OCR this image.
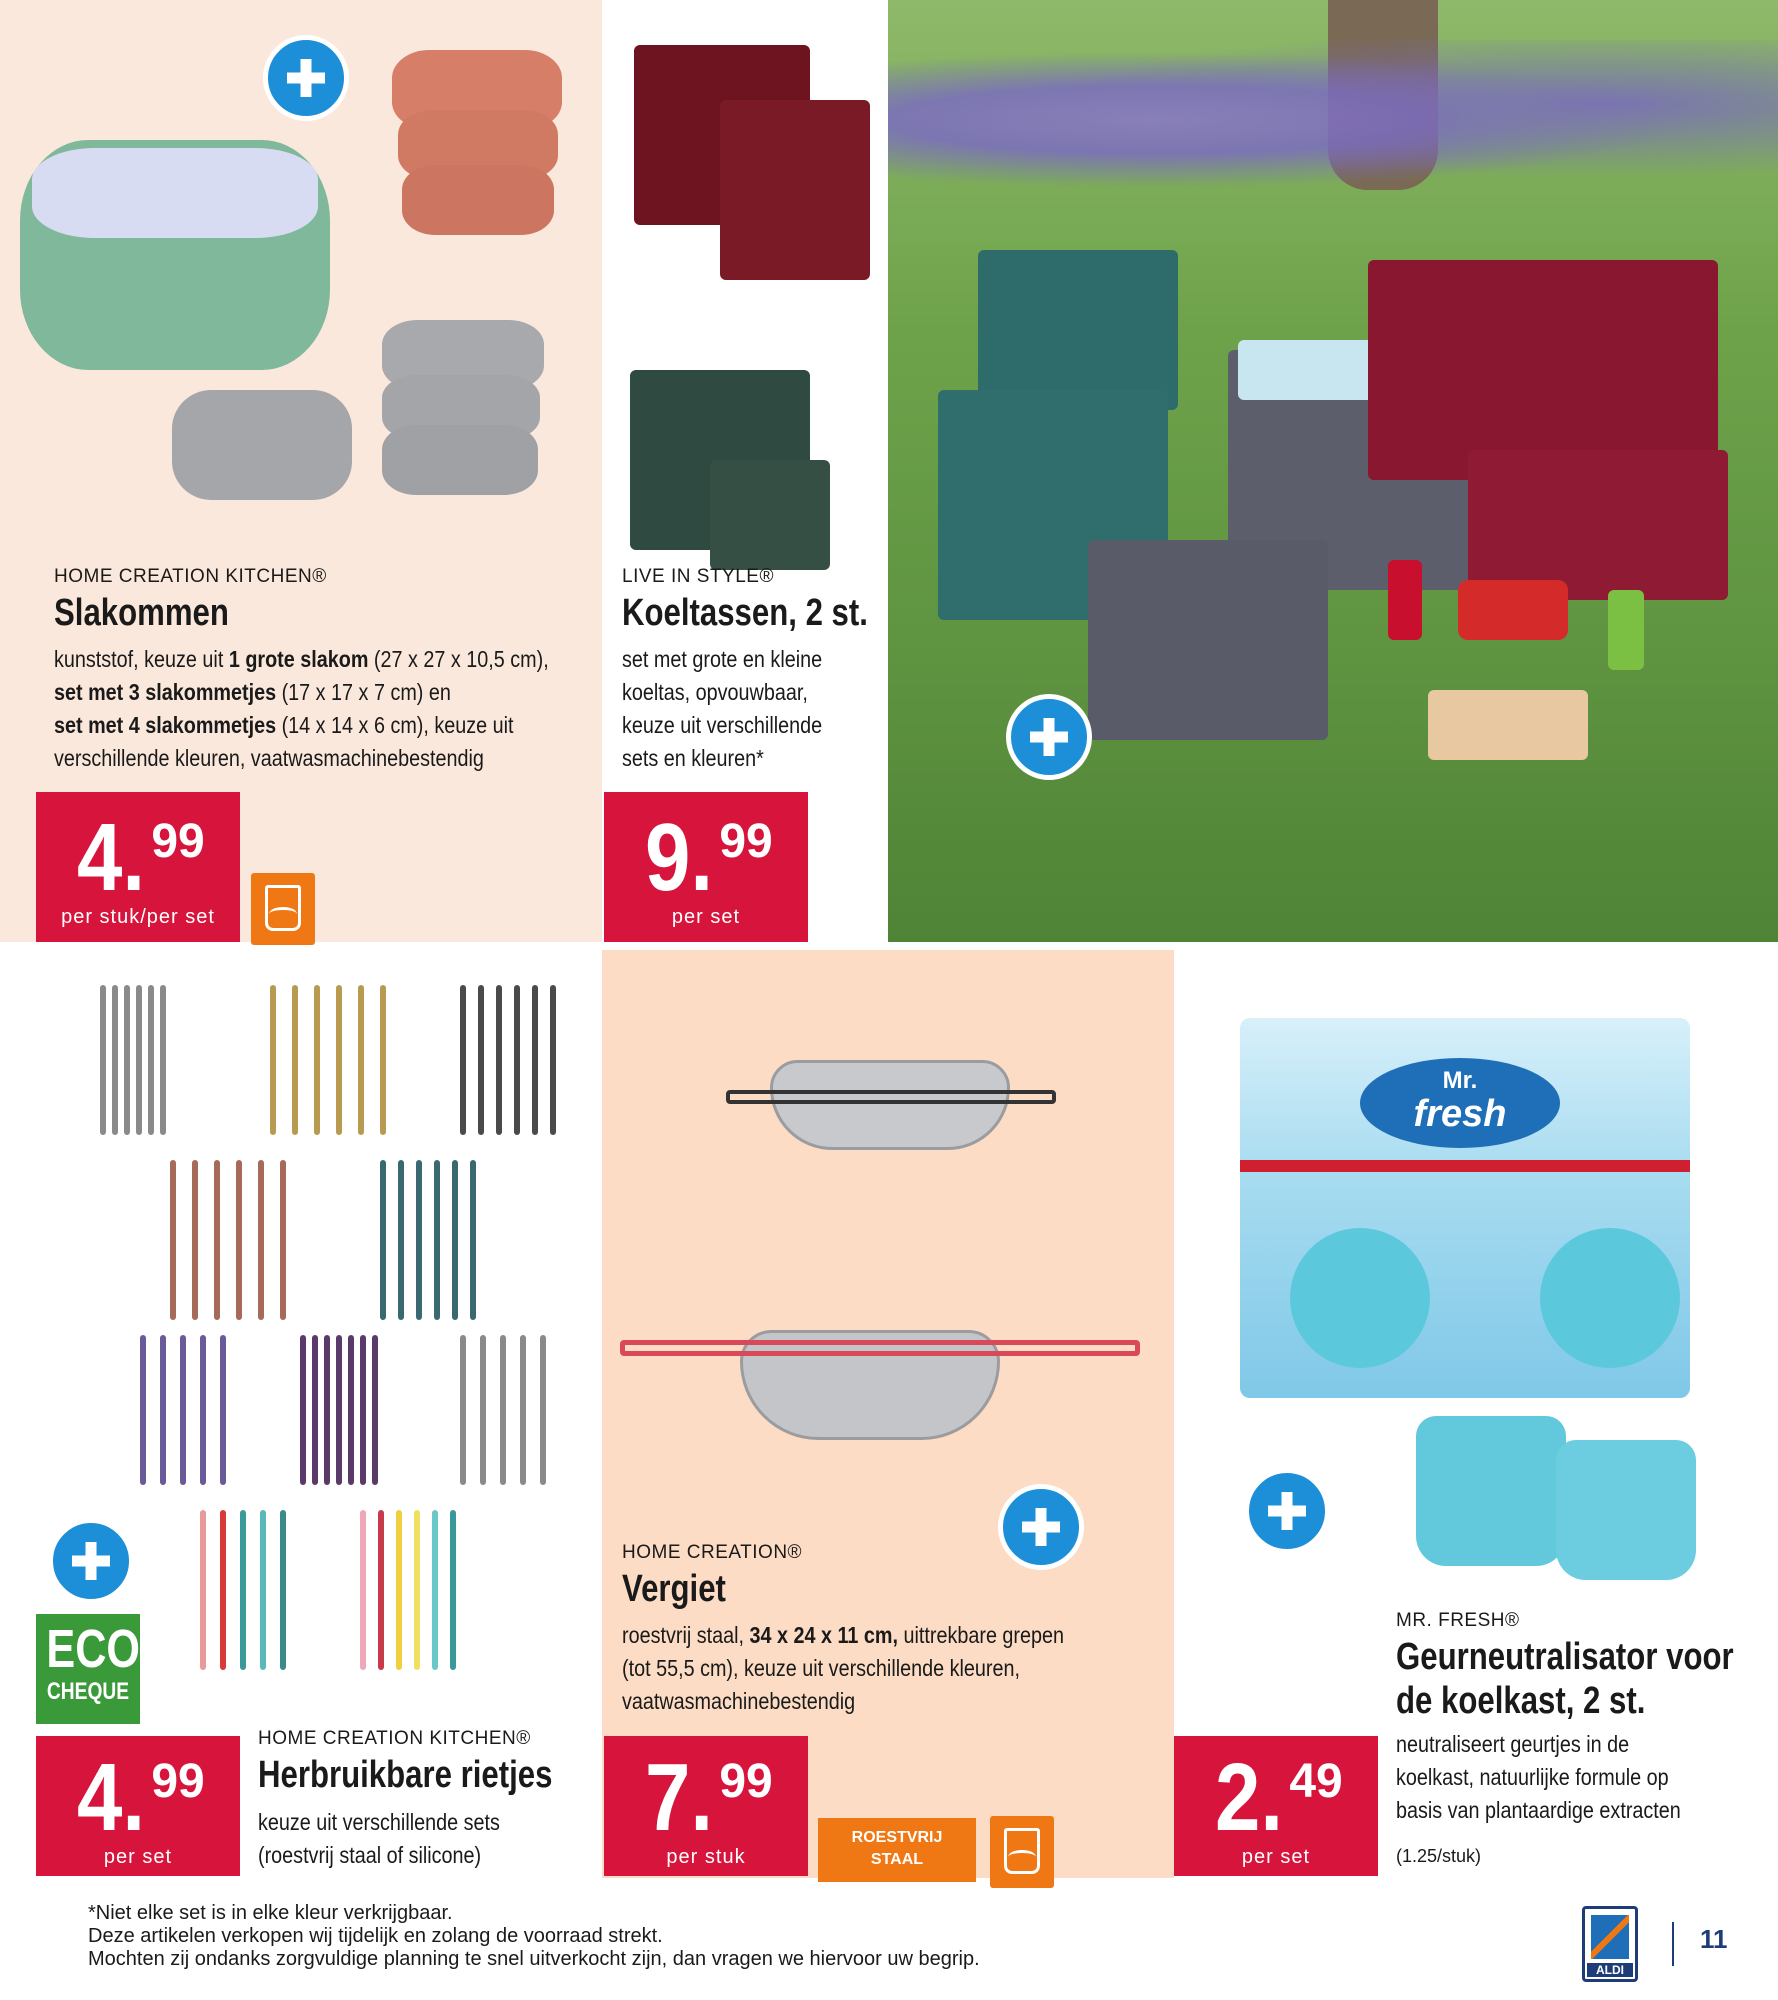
HOME CREATION KITCHEN®
Slakommen
kunststof, keuze uit 1 grote slakom (27 x 27 x 10,5 cm),
set met 3 slakommetjes (17 x 17 x 7 cm) en
set met 4 slakommetjes (14 x 14 x 6 cm), keuze uit
verschillende kleuren, vaatwasmachinebestendig
4. 99
per stuk/per set
LIVE IN STYLE®
Koeltassen, 2 st.
set met grote en kleine
koeltas, opvouwbaar,
keuze uit verschillende
sets en kleuren*
9. 99
per set
ECO
CHEQUE
HOME CREATION KITCHEN®
Herbruikbare rietjes
keuze uit verschillende sets
(roestvrij staal of silicone)
4. 99
per set
HOME CREATION®
Vergiet
roestvrij staal, 34 x 24 x 11 cm, uittrekbare grepen
(tot 55,5 cm), keuze uit verschillende kleuren,
vaatwasmachinebestendig
7. 99
per stuk
ROESTVRIJ
STAAL
Mr.
fresh
MR. FRESH®
Geurneutralisator voor
de koelkast, 2 st.
neutraliseert geurtjes in de
koelkast, natuurlijke formule op
basis van plantaardige extracten
(1.25/stuk)
2. 49
per set
*Niet elke set is in elke kleur verkrijgbaar.
Deze artikelen verkopen wij tijdelijk en zolang de voorraad strekt.
Mochten zij ondanks zorgvuldige planning te snel uitverkocht zijn, dan vragen we hiervoor uw begrip.	ALDI
11
